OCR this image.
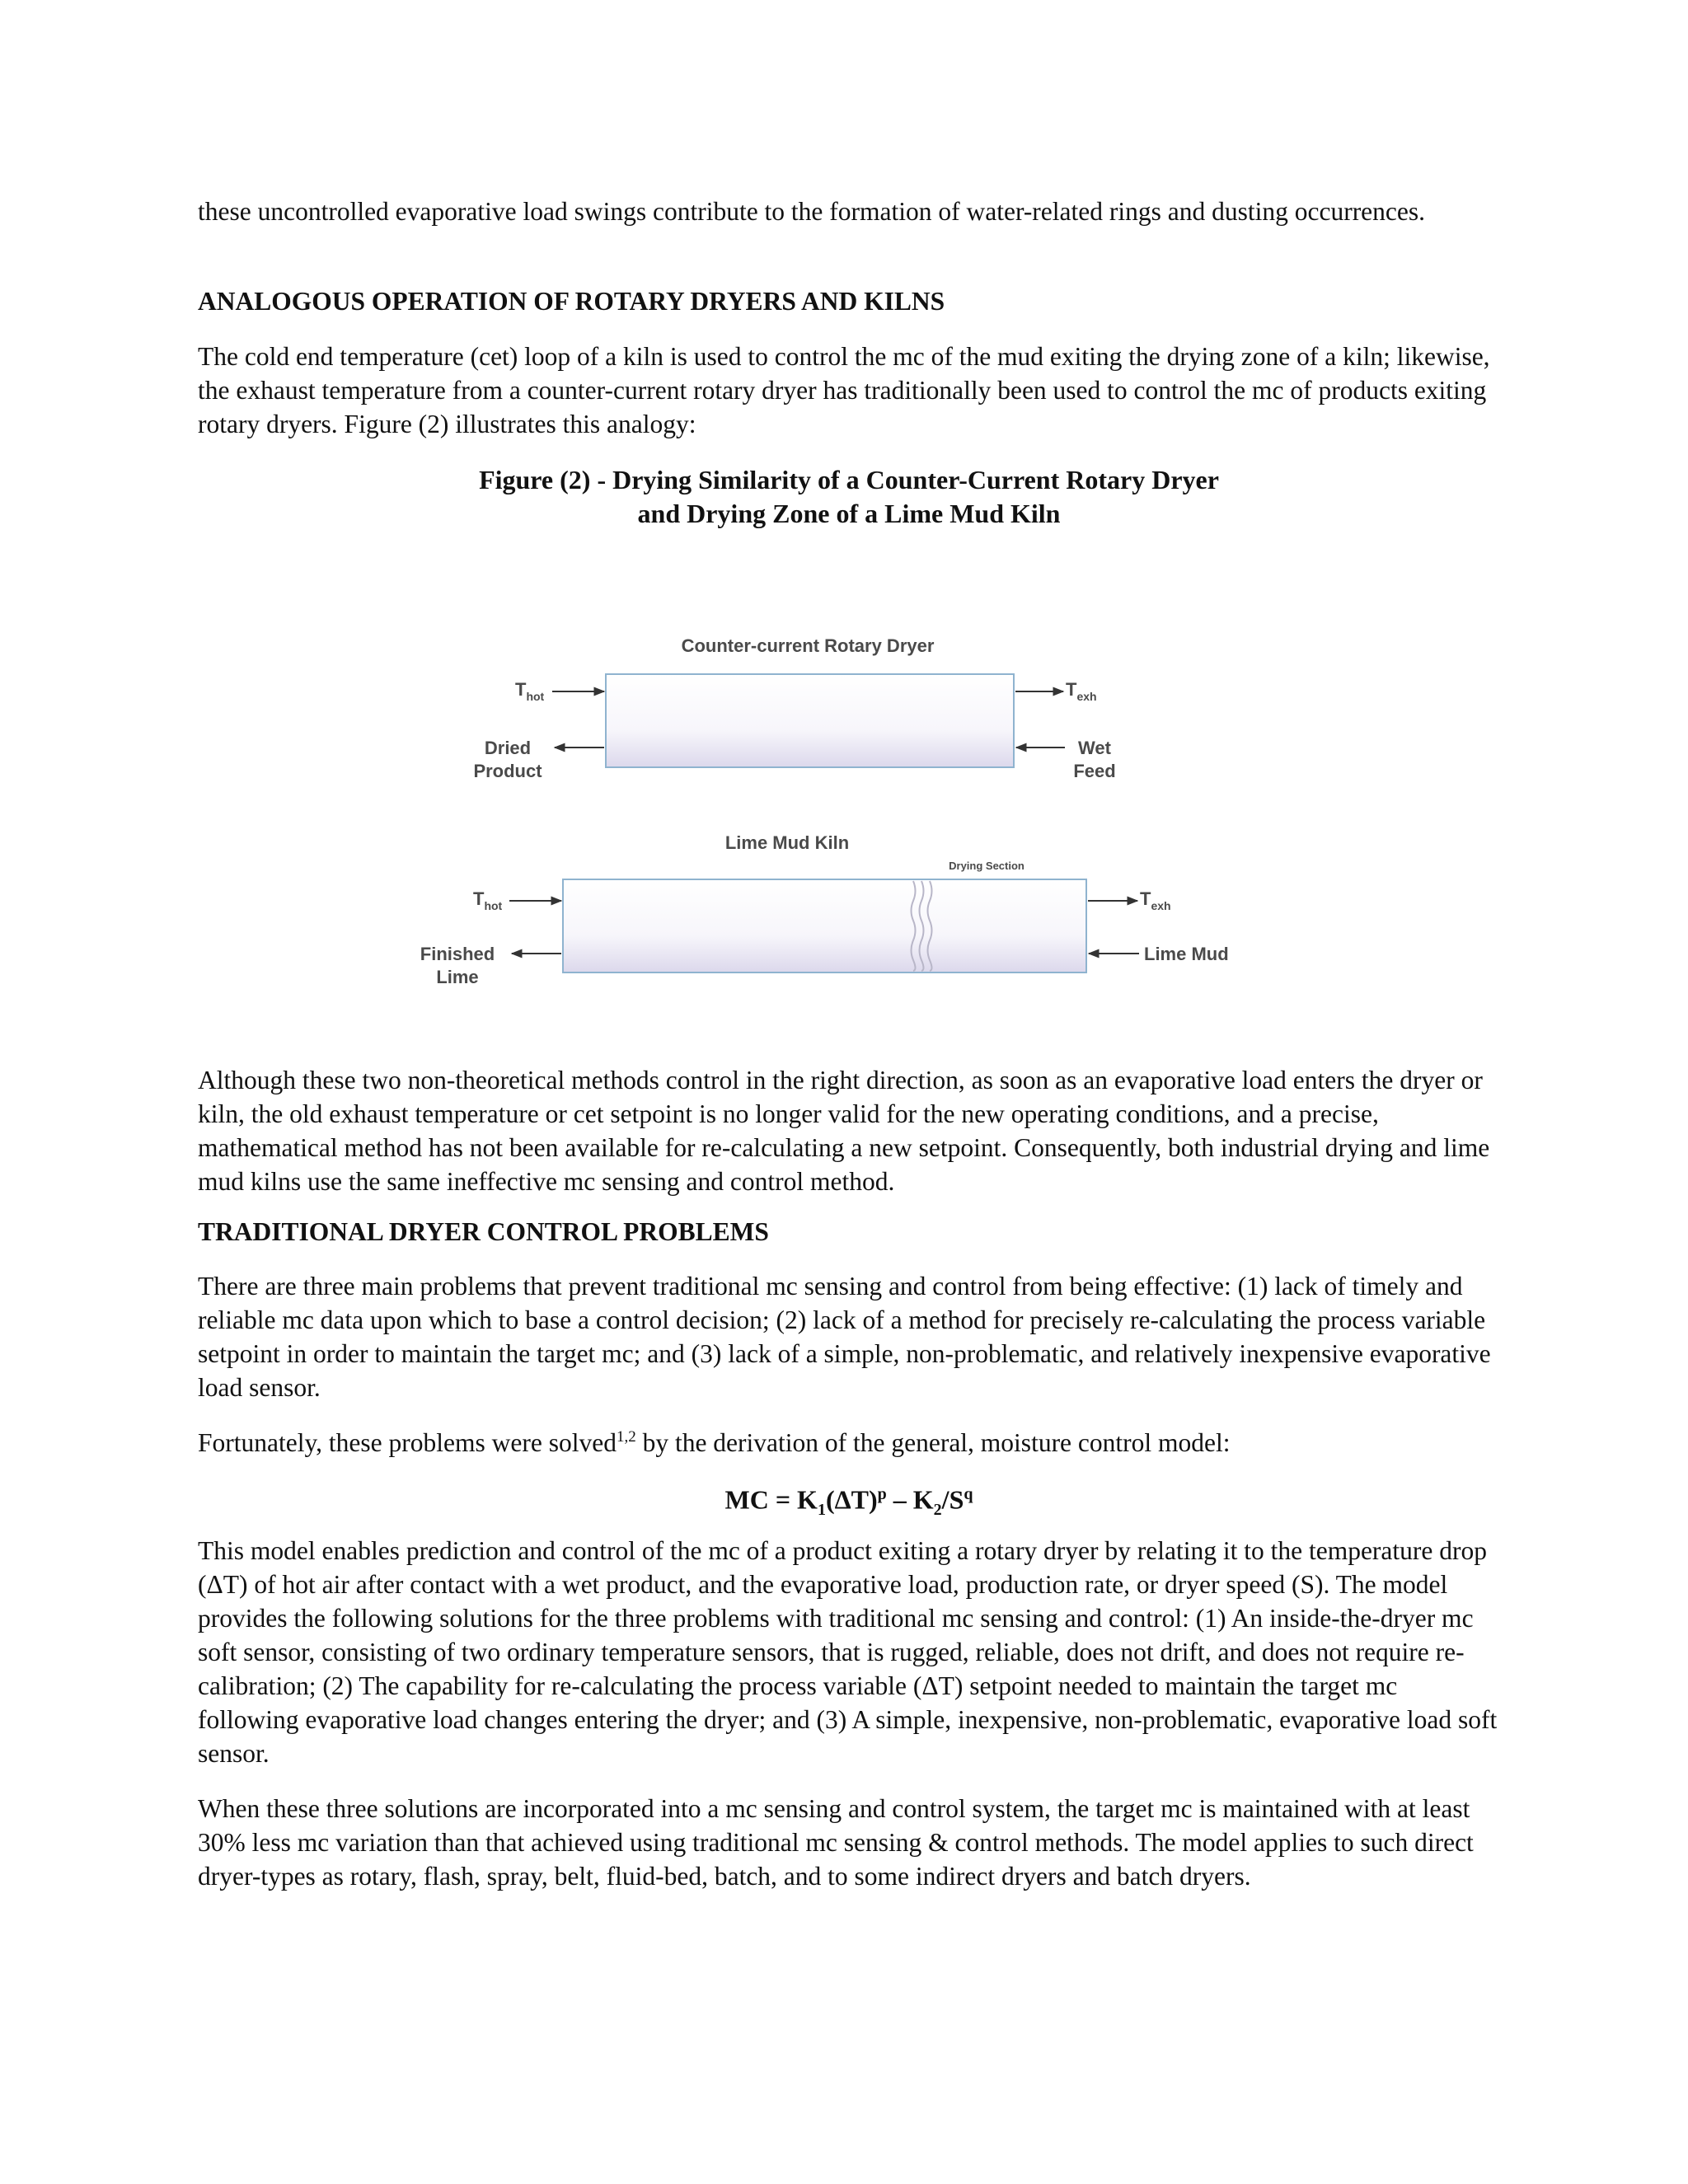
these uncontrolled evaporative load swings contribute to the formation of water-related rings and dusting occurrences.

ANALOGOUS OPERATION OF ROTARY DRYERS AND KILNS

The cold end temperature (cet) loop of a kiln is used to control the mc of the mud exiting the drying zone of a kiln; likewise, the exhaust temperature from a counter-current rotary dryer has traditionally been used to control the mc of products exiting rotary dryers. Figure (2) illustrates this analogy:

Figure (2) - Drying Similarity of a Counter-Current Rotary Dryer
and Drying Zone of a Lime Mud Kiln
Counter-current Rotary Dryer
$T_{hot}$	$T_{exh}$
Dried
Product
Wet
Feed
Lime Mud Kiln
Drying Section
$T_{hot}$	$T_{exh}$
Finished
Lime
Lime Mud

Although these two non-theoretical methods control in the right direction, as soon as an evaporative load enters the dryer or kiln, the old exhaust temperature or cet setpoint is no longer valid for the new operating conditions, and a precise, mathematical method has not been available for re-calculating a new setpoint. Consequently, both industrial drying and lime mud kilns use the same ineffective mc sensing and control method.

TRADITIONAL DRYER CONTROL PROBLEMS

There are three main problems that prevent traditional mc sensing and control from being effective: (1) lack of timely and reliable mc data upon which to base a control decision; (2) lack of a method for precisely re-calculating the process variable setpoint in order to maintain the target mc; and (3) lack of a simple, non-problematic, and relatively inexpensive evaporative load sensor.

Fortunately, these problems were solved$^{1,2}$ by the derivation of the general, moisture control model:

MC = $K_1(\Delta T)^p - K_2/S^q$

This model enables prediction and control of the mc of a product exiting a rotary dryer by relating it to the temperature drop (ΔT) of hot air after contact with a wet product, and the evaporative load, production rate, or dryer speed (S). The model provides the following solutions for the three problems with traditional mc sensing and control: (1) An inside-the-dryer mc soft sensor, consisting of two ordinary temperature sensors, that is rugged, reliable, does not drift, and does not require re-calibration; (2) The capability for re-calculating the process variable (ΔT) setpoint needed to maintain the target mc following evaporative load changes entering the dryer; and (3) A simple, inexpensive, non-problematic, evaporative load soft sensor.

When these three solutions are incorporated into a mc sensing and control system, the target mc is maintained with at least 30% less mc variation than that achieved using traditional mc sensing & control methods. The model applies to such direct dryer-types as rotary, flash, spray, belt, fluid-bed, batch, and to some indirect dryers and batch dryers.
